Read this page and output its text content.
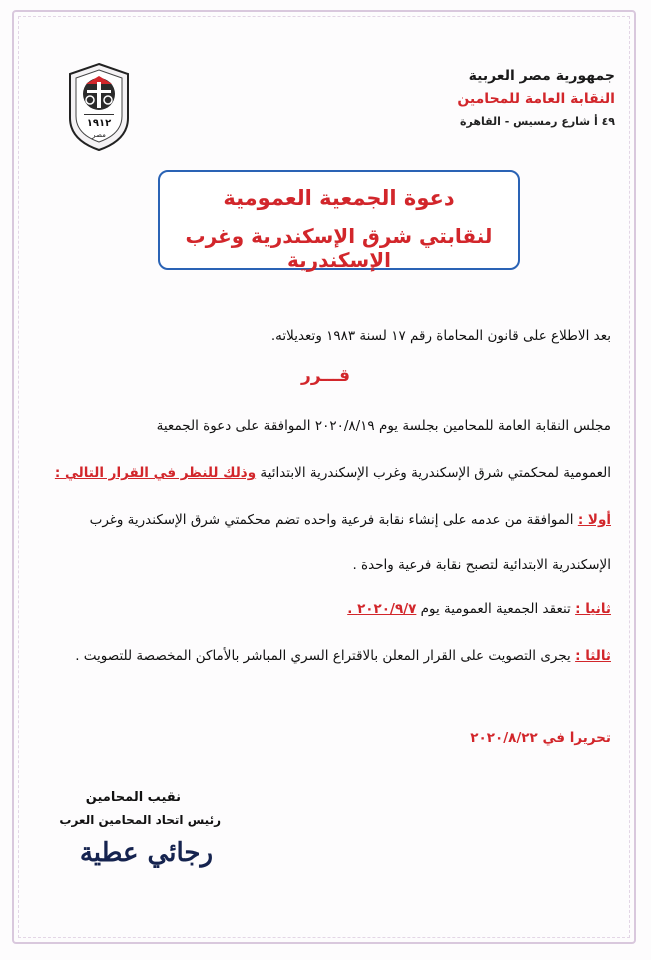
جمهورية مصر العربية
النقابة العامة للمحامين
٤٩ أ شارع رمسيس - القاهرة
١٩١٢
مصر
دعوة الجمعية العمومية
لنقابتي شرق الإسكندرية وغرب الإسكندرية
بعد الاطلاع على قانون المحاماة رقم ١٧ لسنة ١٩٨٣ وتعديلاته.
قـــرر
مجلس النقابة العامة للمحامين بجلسة يوم ٢٠٢٠/٨/١٩ الموافقة على دعوة الجمعية
العمومية لمحكمتي شرق الإسكندرية وغرب الإسكندرية الابتدائية وذلك للنظر في القرار التالي :
أولا : الموافقة من عدمه على إنشاء نقابة فرعية واحده تضم محكمتي شرق الإسكندرية وغرب
الإسكندرية الابتدائية لتصبح نقابة فرعية واحدة .
ثانيا : تنعقد الجمعية العمومية يوم ٢٠٢٠/٩/٧ .
ثالثا : يجرى التصويت على القرار المعلن بالاقتراع السري المباشر بالأماكن المخصصة للتصويت .
تحريرا في ٢٠٢٠/٨/٢٢
نقيب المحامين
رئيس اتحاد المحامين العرب
رجائي عطية
